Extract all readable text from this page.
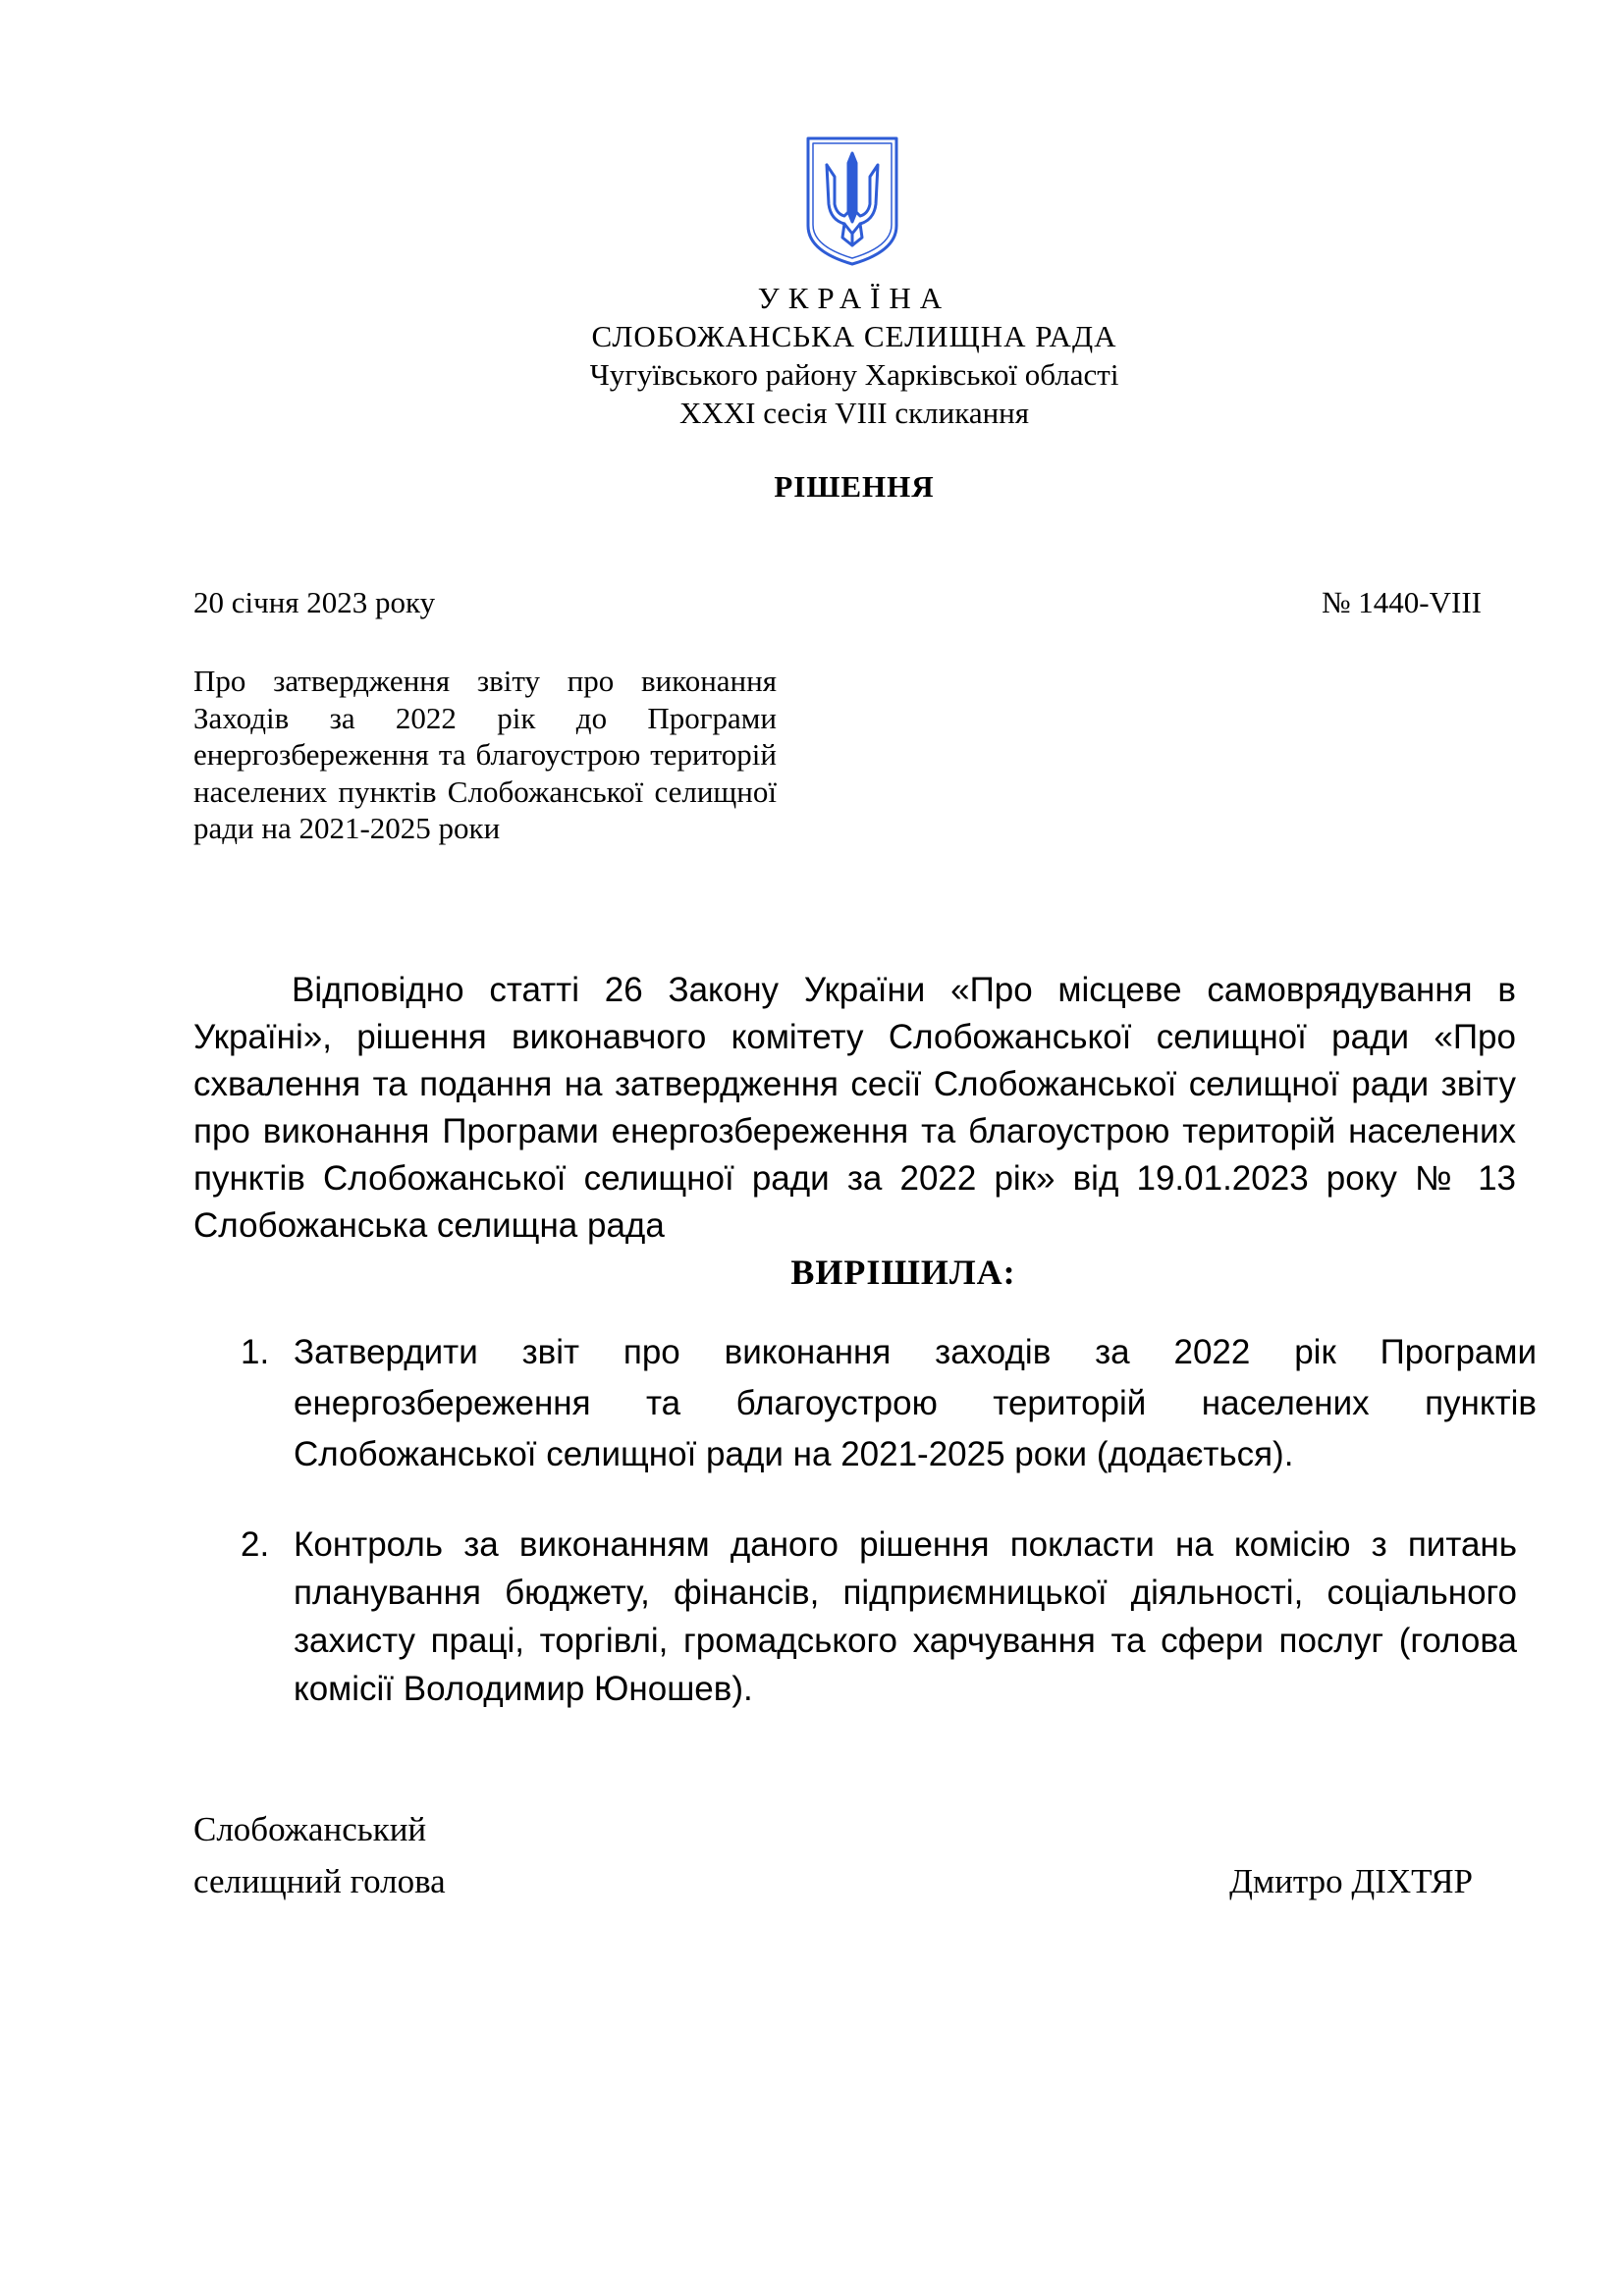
УКРАЇНА
СЛОБОЖАНСЬКА СЕЛИЩНА РАДА
Чугуївського району Харківської області
XXXI сесія VIII скликання
РІШЕННЯ
20 січня 2023 року	№ 1440-VIII
Про затвердження звіту про виконання Заходів за 2022 рік до Програми енергозбереження та благоустрою територій населених пунктів Слобожанської селищної ради на 2021-2025 роки

Відповідно статті 26 Закону України «Про місцеве самоврядування в Україні», рішення виконавчого комітету Слобожанської селищної ради «Про схвалення та подання на затвердження сесії Слобожанської селищної ради звіту про виконання Програми енергозбереження та благоустрою територій населених пунктів Слобожанської селищної ради за 2022 рік» від 19.01.2023 року № 13 Слобожанська селищна рада

ВИРІШИЛА:
1. Затвердити звіт про виконання заходів за 2022 рік Програми енергозбереження та благоустрою територій населених пунктів Слобожанської селищної ради на 2021-2025 роки (додається).
2. Контроль за виконанням даного рішення покласти на комісію з питань планування бюджету, фінансів, підприємницької діяльності, соціального захисту праці, торгівлі, громадського харчування та сфери послуг (голова комісії Володимир Юношев).
Слобожанський
селищний голова	Дмитро ДІХТЯР
